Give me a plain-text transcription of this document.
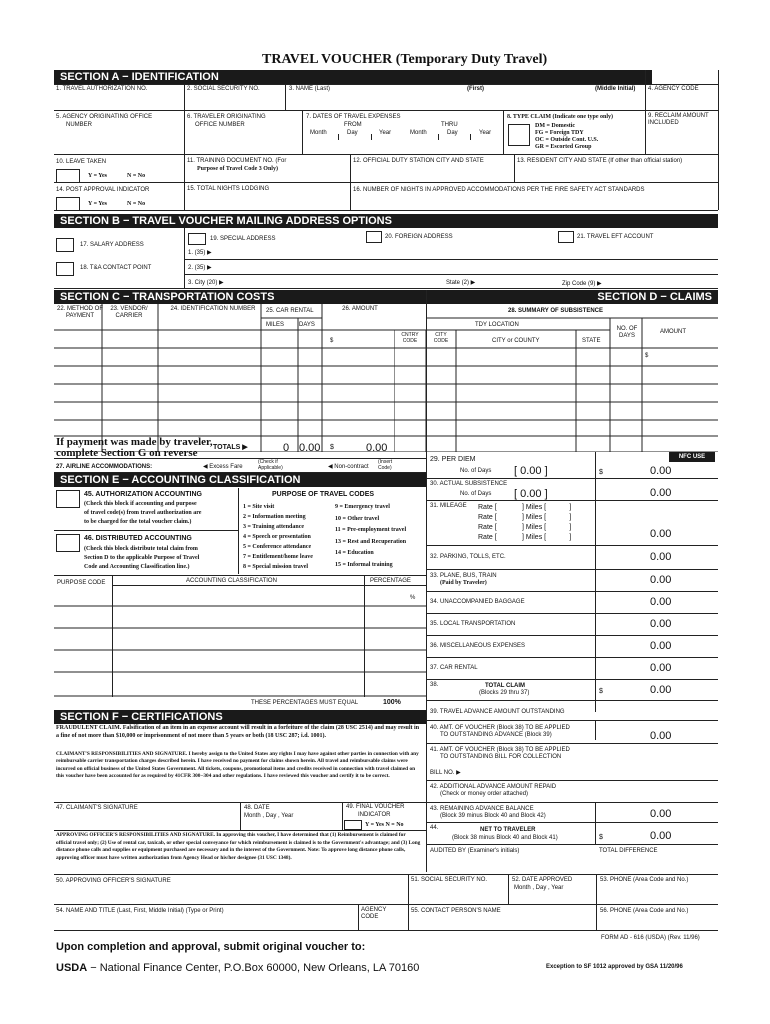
TRAVEL VOUCHER (Temporary Duty Travel)
SECTION A − IDENTIFICATION
1. TRAVEL AUTHORIZATION NO.	2. SOCIAL SECURITY NO.	3. NAME (Last)	(First)	(Middle Initial) 4. AGENCY CODE
5. AGENCY ORIGINATING OFFICE
NUMBER
6. TRAVELER ORIGINATING
OFFICE NUMBER
7. DATES OF TRAVEL EXPENSES
FROM	THRU
Month	Day	Year	Month	Day	Year
8. TYPE CLAIM (Indicate one type only)
DM = Domestic
FG = Foreign TDY
OC = Outside Cont. U.S.
GR = Escorted Group
9. RECLAIM AMOUNT INCLUDED
10. LEAVE TAKEN
Y = Yes	N = No
11. TRAINING DOCUMENT NO. (For
Purpose of Travel Code 3 Only)
12. OFFICIAL DUTY STATION CITY AND STATE	13. RESIDENT CITY AND STATE (If other than official station)
14. POST APPROVAL INDICATOR
Y = Yes	N = No
15. TOTAL NIGHTS LODGING	16. NUMBER OF NIGHTS IN APPROVED ACCOMMODATIONS PER THE FIRE SAFETY ACT STANDARDS
SECTION B − TRAVEL VOUCHER MAILING ADDRESS OPTIONS
17. SALARY ADDRESS
18. T&A CONTACT POINT
19. SPECIAL ADDRESS	20. FOREIGN ADDRESS	21. TRAVEL EFT ACCOUNT
1. (35) ▶
2. (35) ▶
3. City (20) ▶	State (2) ▶	Zip Code (9) ▶
SECTION C − TRANSPORTATION COSTS	SECTION D − CLAIMS
22. METHOD OF PAYMENT
23. VENDOR/ CARRIER
24. IDENTIFICATION NUMBER	25. CAR RENTAL
MILES DAYS
26. AMOUNT
$
28. SUMMARY OF SUBSISTENCE
TDY LOCATION
CNTRY CODE
CITY CODE	CITY or COUNTY	STATE
NO. OF DAYS
AMOUNT
$
If payment was made by traveler, complete Section G on reverse	TOTALS ▶	0 0.00 $	0.00
27. AIRLINE ACCOMMODATIONS:	◀ Excess Fare
(Check if Applicable)	◀ Non-contract
(Insert Code)
SECTION E − ACCOUNTING CLASSIFICATION
45. AUTHORIZATION ACCOUNTING
(Check this block if accounting and purpose
of travel code(s) from travel authorization are
to be charged for the total voucher claim.)
46. DISTRIBUTED ACCOUNTING
(Check this block distribute total claim from
Section D to the applicable Purpose of Travel
Code and Accounting Classification line.)
PURPOSE OF TRAVEL CODES
1 = Site visit
2 = Information meeting
3 = Training attendance
4 = Speech or presentation
5 = Conference attendance
7 = Entitlement/home leave
8 = Special mission travel
9 = Emergency travel
10 = Other travel
11 = Pre-employment travel
13 = Rest and Recuperation
14 = Education
15 = Informal training
PURPOSE CODE	ACCOUNTING CLASSIFICATION	PERCENTAGE
%
THESE PERCENTAGES MUST EQUAL	100%
NFC USE
29. PER DIEM
No. of Days [ 0.00 ]	$	0.00
30. ACTUAL SUBSISTENCE
No. of Days [ 0.00 ]	0.00
31. MILEAGE Rate [             ] Miles [            ]
Rate [             ] Miles [            ]
Rate [             ] Miles [            ]
Rate [             ] Miles [            ]	0.00
32. PARKING, TOLLS, ETC.	0.00
33. PLANE, BUS, TRAIN
(Paid by Traveler)	0.00
34. UNACCOMPANIED BAGGAGE	0.00
35. LOCAL TRANSPORTATION	0.00
36. MISCELLANEOUS EXPENSES	0.00
37. CAR RENTAL	0.00
38.	TOTAL CLAIM
(Blocks 29 thru 37)	$	0.00
39. TRAVEL ADVANCE AMOUNT OUTSTANDING
40. AMT. OF VOUCHER (Block 38) TO BE APPLIED
TO OUTSTANDING ADVANCE (Block 39)	0.00
41. AMT. OF VOUCHER (Block 38) TO BE APPLIED
TO OUTSTANDING BILL FOR COLLECTION
BILL NO. ▶
42. ADDITIONAL ADVANCE AMOUNT REPAID
(Check or money order attached)
43. REMAINING ADVANCE BALANCE
(Block 39 minus Block 40 and Block 42)	0.00
44.	NET TO TRAVELER
(Block 38 minus Block 40 and Block 41)	$	0.00
AUDITED BY (Examiner's initials)	TOTAL DIFFERENCE
SECTION F − CERTIFICATIONS
FRAUDULENT CLAIM. Falsification of an item in an expense account will result in a forfeiture of the claim (28 USC 2514) and may result in a fine of not more than $10,000 or imprisonment of not more than 5 years or both (18 USC 287; i.d. 1001).
CLAIMANT'S RESPONSIBILITIES AND SIGNATURE. I hereby assign to the United States any rights I may have against other parties in connection with any reimbursable carrier transportation charges described herein. I have received no payment for claims shown herein. All travel and reimbursable claims were incurred on official business of the United States Government. All tickets, coupons, promotional items and credits received in connection with travel claimed on this voucher have been accounted for as required by 41CFR 300−304 and other regulations. I have reviewed this voucher and certify it to be correct.
47. CLAIMANT'S SIGNATURE	48. DATE
Month , Day , Year
49. FINAL VOUCHER
INDICATOR
Y = Yes N = No
APPROVING OFFICER'S RESPONSIBILITIES AND SIGNATURE. In approving this voucher, I have determined that (1) Reimbursement is claimed for official travel only; (2) Use of rental car, taxicab, or other special conveyance for which reimbursement is claimed is to the Government's advantage; and (3) Long distance phone calls and supplies or equipment purchased are necessary and in the interest of the Government. Note: To approve long distance phone calls, approving officer must have written authorization from Agency Head or his/her designee (31 USC 1348).
50. APPROVING OFFICER'S SIGNATURE	51. SOCIAL SECURITY NO.	52. DATE APPROVED
Month , Day , Year
53. PHONE (Area Code and No.)
54. NAME AND TITLE (Last, First, Middle Initial) (Type or Print)	AGENCY CODE
55. CONTACT PERSON'S NAME	56. PHONE (Area Code and No.)
FORM AD - 616 (USDA) (Rev. 11/96)
Upon completion and approval, submit original voucher to:
USDA − National Finance Center, P.O.Box 60000, New Orleans, LA 70160	Exception to SF 1012 approved by GSA 11/20/96
